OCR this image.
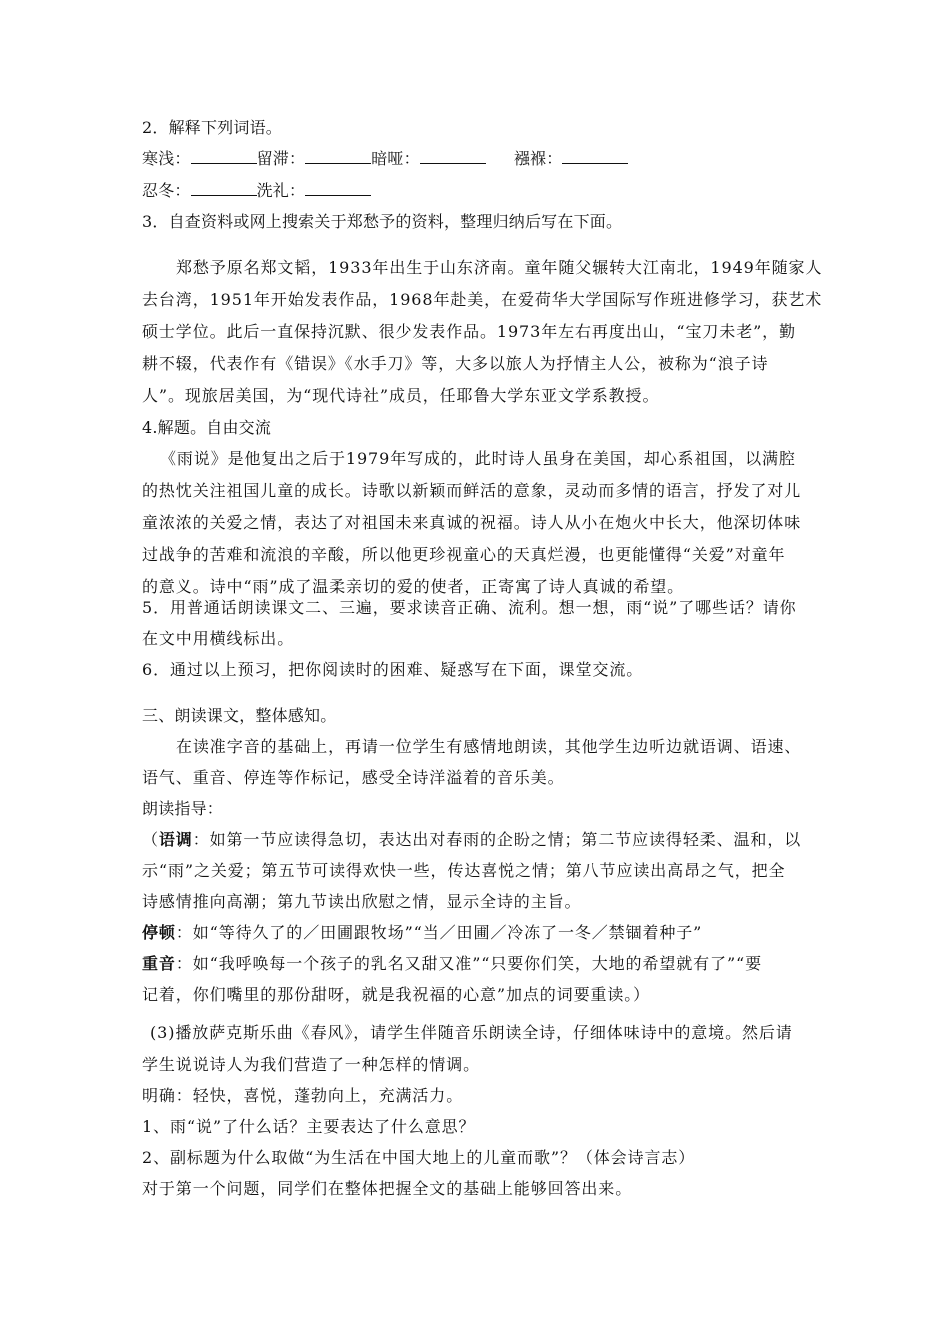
2．解释下列词语。
寒浅：	留滞：	暗哑：	襁褓：
忍冬：	洗礼：
3．自查资料或网上搜索关于郑愁予的资料，整理归纳后写在下面。
郑愁予原名郑文韬，1933年出生于山东济南。童年随父辗转大江南北，1949年随家人
去台湾，1951年开始发表作品，1968年赴美，在爱荷华大学国际写作班进修学习，获艺术
硕士学位。此后一直保持沉默、很少发表作品。1973年左右再度出山，“宝刀未老”，勤
耕不辍，代表作有《错误》《水手刀》等，大多以旅人为抒情主人公，被称为“浪子诗
人”。现旅居美国，为“现代诗社”成员，任耶鲁大学东亚文学系教授。
4.解题。自由交流
《雨说》是他复出之后于1979年写成的，此时诗人虽身在美国，却心系祖国，以满腔
的热忱关注祖国儿童的成长。诗歌以新颖而鲜活的意象，灵动而多情的语言，抒发了对儿
童浓浓的关爱之情，表达了对祖国未来真诚的祝福。诗人从小在炮火中长大，他深切体味
过战争的苦难和流浪的辛酸，所以他更珍视童心的天真烂漫，也更能懂得“关爱”对童年
的意义。诗中“雨”成了温柔亲切的爱的使者，正寄寓了诗人真诚的希望。
5．用普通话朗读课文二、三遍，要求读音正确、流利。想一想，雨“说”了哪些话？请你
在文中用横线标出。
6．通过以上预习，把你阅读时的困难、疑惑写在下面，课堂交流。
三、朗读课文，整体感知。
在读准字音的基础上，再请一位学生有感情地朗读，其他学生边听边就语调、语速、
语气、重音、停连等作标记，感受全诗洋溢着的音乐美。
朗读指导：
（语调：如第一节应读得急切，表达出对春雨的企盼之情；第二节应读得轻柔、温和，以
示“雨”之关爱；第五节可读得欢快一些，传达喜悦之情；第八节应读出高昂之气，把全
诗感情推向高潮；第九节读出欣慰之情，显示全诗的主旨。
停顿：如“等待久了的／田圃跟牧场”“当／田圃／冷冻了一冬／禁锢着种子”
重音：如“我呼唤每一个孩子的乳名又甜又准”“只要你们笑，大地的希望就有了”“要
记着，你们嘴里的那份甜呀，就是我祝福的心意”加点的词要重读。）
(3)播放萨克斯乐曲《春风》，请学生伴随音乐朗读全诗，仔细体味诗中的意境。然后请
学生说说诗人为我们营造了一种怎样的情调。
明确：轻快，喜悦，蓬勃向上，充满活力。
1、雨“说”了什么话？主要表达了什么意思？
2、副标题为什么取做“为生活在中国大地上的儿童而歌”？（体会诗言志）
对于第一个问题，同学们在整体把握全文的基础上能够回答出来。
